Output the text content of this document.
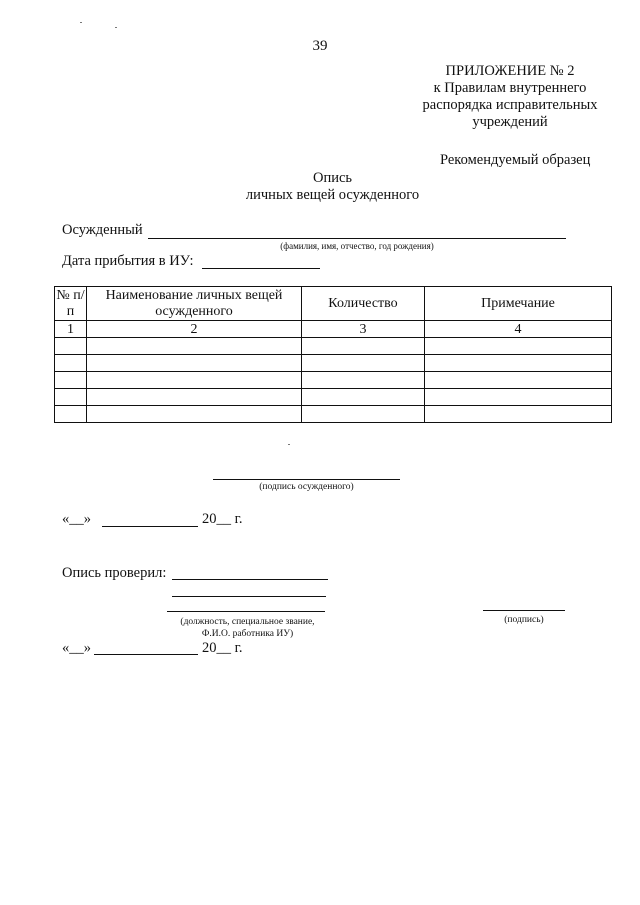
39
ПРИЛОЖЕНИЕ № 2
к Правилам внутреннего
распорядка исправительных
учреждений
Рекомендуемый образец
Опись
личных вещей осужденного
Осужденный
(фамилия, имя, отчество, год рождения)
Дата прибытия в ИУ:
№ п/п	Наименование личных вещей осужденного	Количество	Примечание
1	2	3	4

(подпись осужденного)
«__»	20__ г.
Опись проверил:
(должность, специальное звание,
Ф.И.О. работника ИУ)
(подпись)
«__»	20__ г.
